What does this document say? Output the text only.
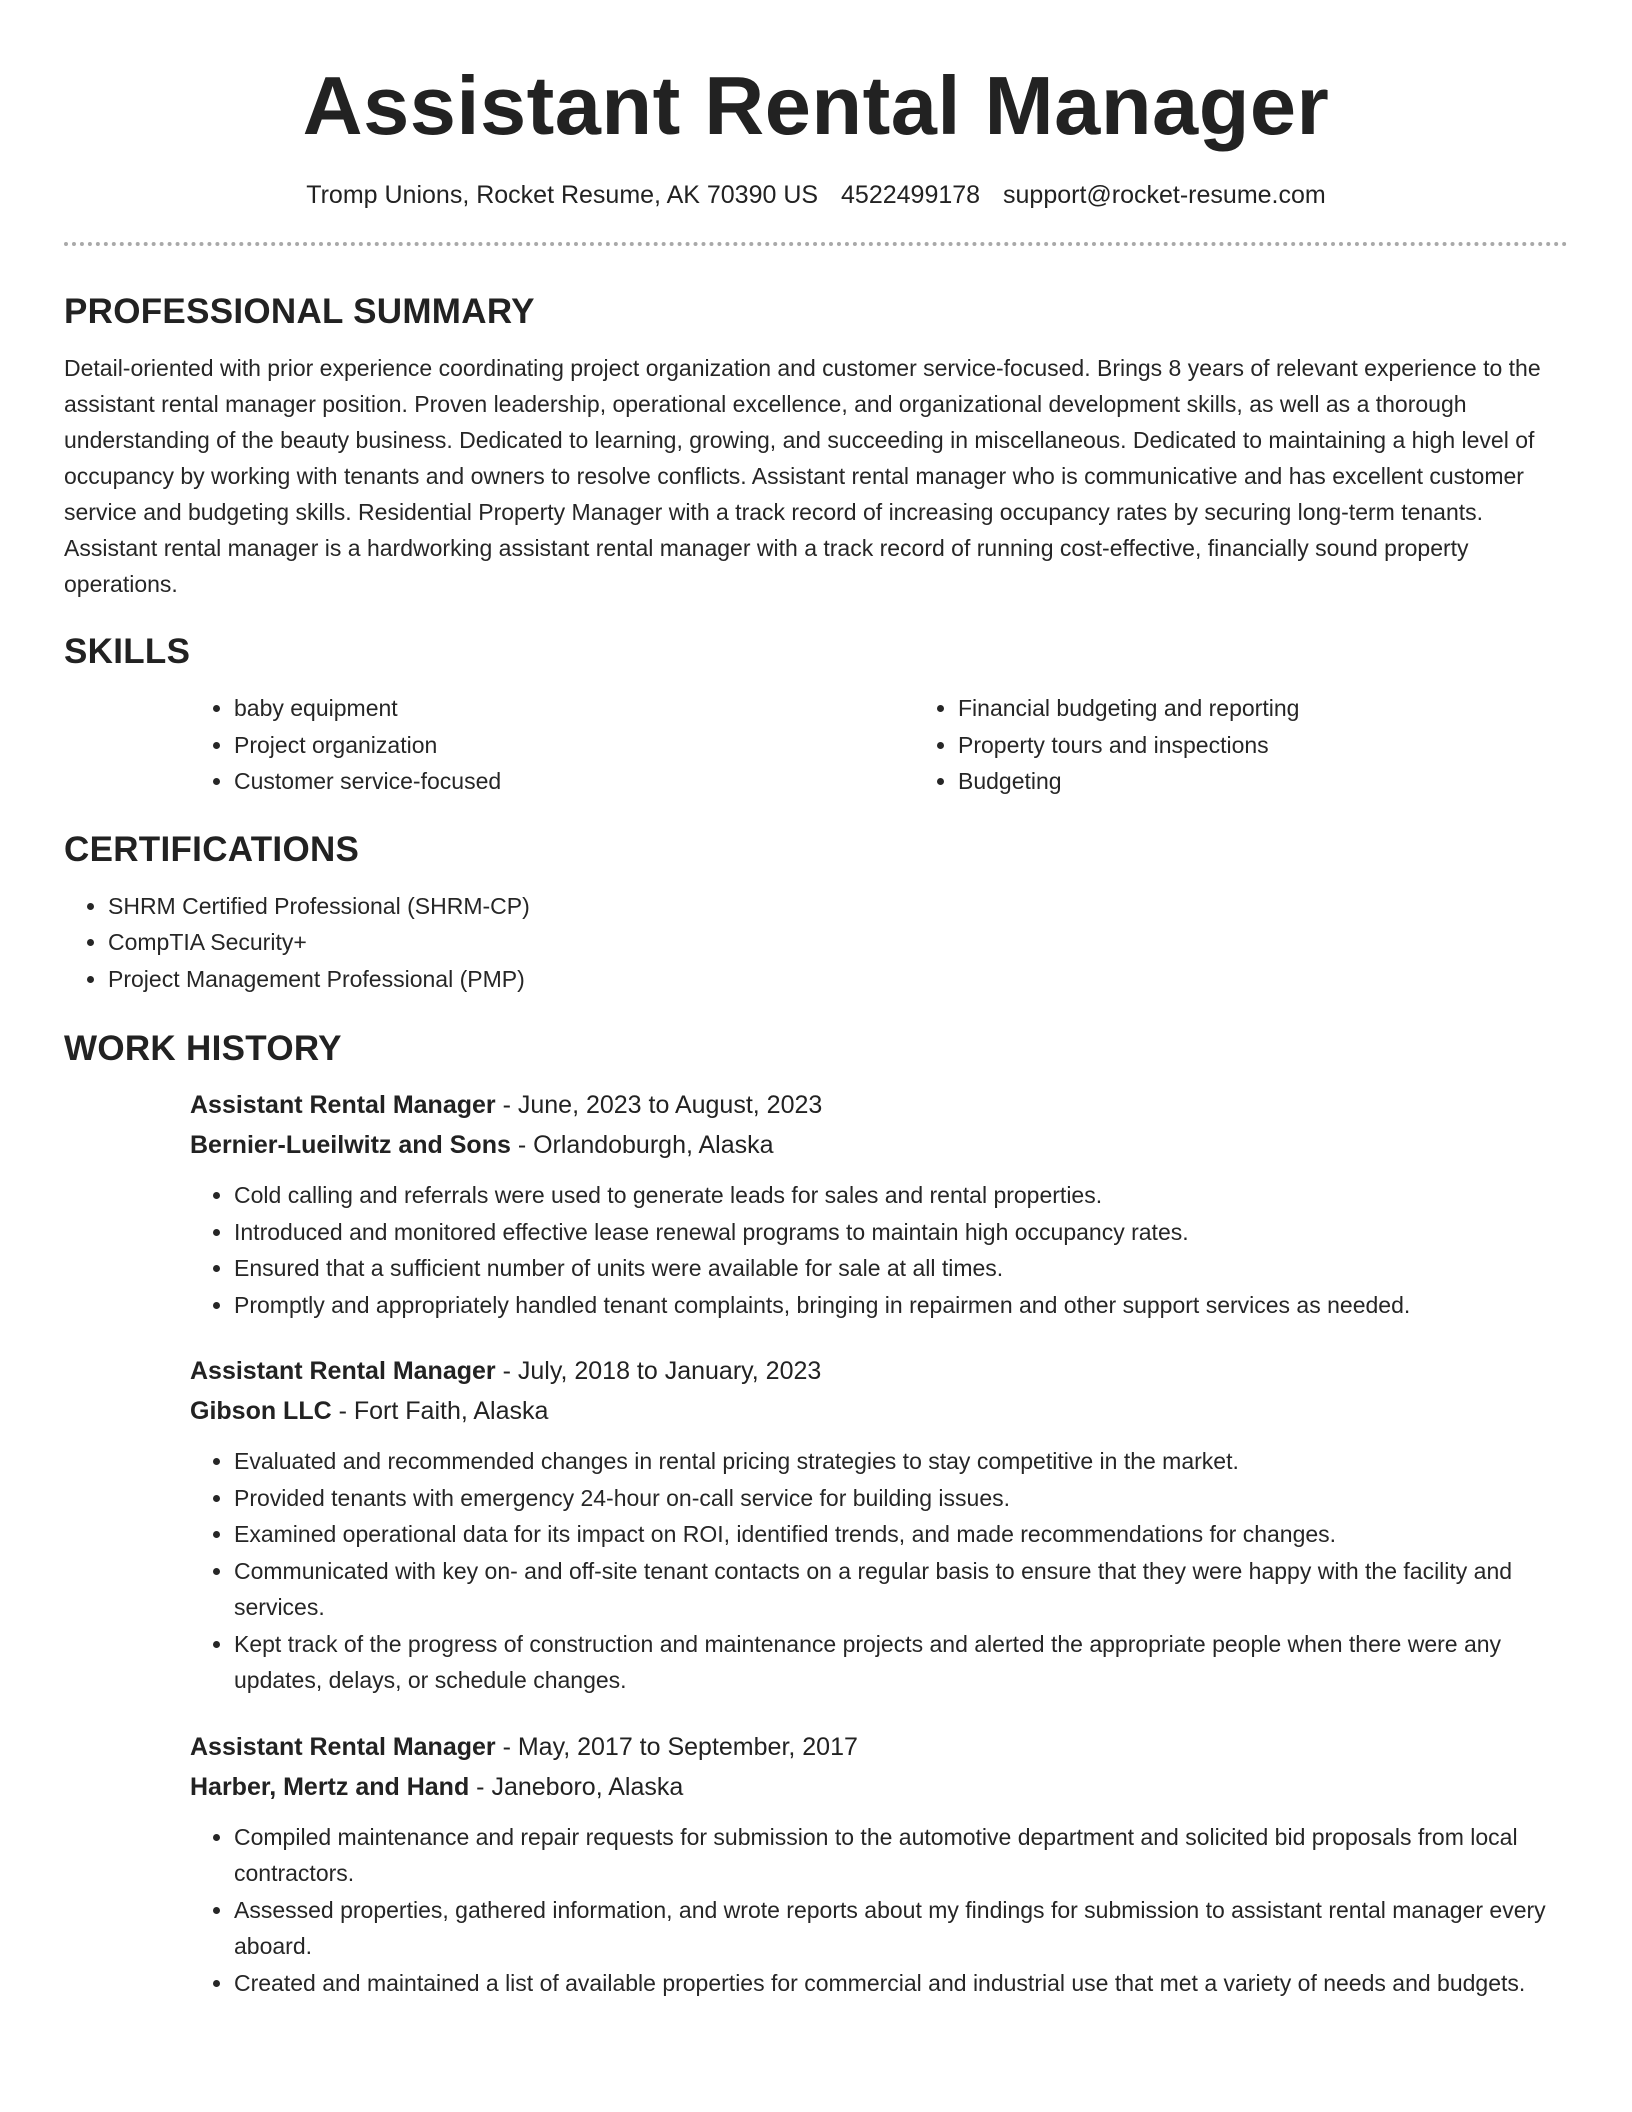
Assistant Rental Manager
Tromp Unions, Rocket Resume, AK 70390 US 4522499178 support@rocket-resume.com
PROFESSIONAL SUMMARY

Detail-oriented with prior experience coordinating project organization and customer service-focused. Brings 8 years of relevant experience to the assistant rental manager position. Proven leadership, operational excellence, and organizational development skills, as well as a thorough understanding of the beauty business. Dedicated to learning, growing, and succeeding in miscellaneous. Dedicated to maintaining a high level of occupancy by working with tenants and owners to resolve conflicts. Assistant rental manager who is communicative and has excellent customer service and budgeting skills. Residential Property Manager with a track record of increasing occupancy rates by securing long-term tenants. Assistant rental manager is a hardworking assistant rental manager with a track record of running cost-effective, financially sound property operations.

SKILLS
• baby equipment
• Project organization
• Customer service-focused
• Financial budgeting and reporting
• Property tours and inspections
• Budgeting
CERTIFICATIONS
• SHRM Certified Professional (SHRM-CP)
• CompTIA Security+
• Project Management Professional (PMP)
WORK HISTORY
Assistant Rental Manager - June, 2023 to August, 2023
Bernier-Lueilwitz and Sons - Orlandoburgh, Alaska
• Cold calling and referrals were used to generate leads for sales and rental properties.
• Introduced and monitored effective lease renewal programs to maintain high occupancy rates.
• Ensured that a sufficient number of units were available for sale at all times.
• Promptly and appropriately handled tenant complaints, bringing in repairmen and other support services as needed.
Assistant Rental Manager - July, 2018 to January, 2023
Gibson LLC - Fort Faith, Alaska
• Evaluated and recommended changes in rental pricing strategies to stay competitive in the market.
• Provided tenants with emergency 24-hour on-call service for building issues.
• Examined operational data for its impact on ROI, identified trends, and made recommendations for changes.
• Communicated with key on- and off-site tenant contacts on a regular basis to ensure that they were happy with the facility and services.
• Kept track of the progress of construction and maintenance projects and alerted the appropriate people when there were any updates, delays, or schedule changes.
Assistant Rental Manager - May, 2017 to September, 2017
Harber, Mertz and Hand - Janeboro, Alaska
• Compiled maintenance and repair requests for submission to the automotive department and solicited bid proposals from local contractors.
• Assessed properties, gathered information, and wrote reports about my findings for submission to assistant rental manager every aboard.
• Created and maintained a list of available properties for commercial and industrial use that met a variety of needs and budgets.
